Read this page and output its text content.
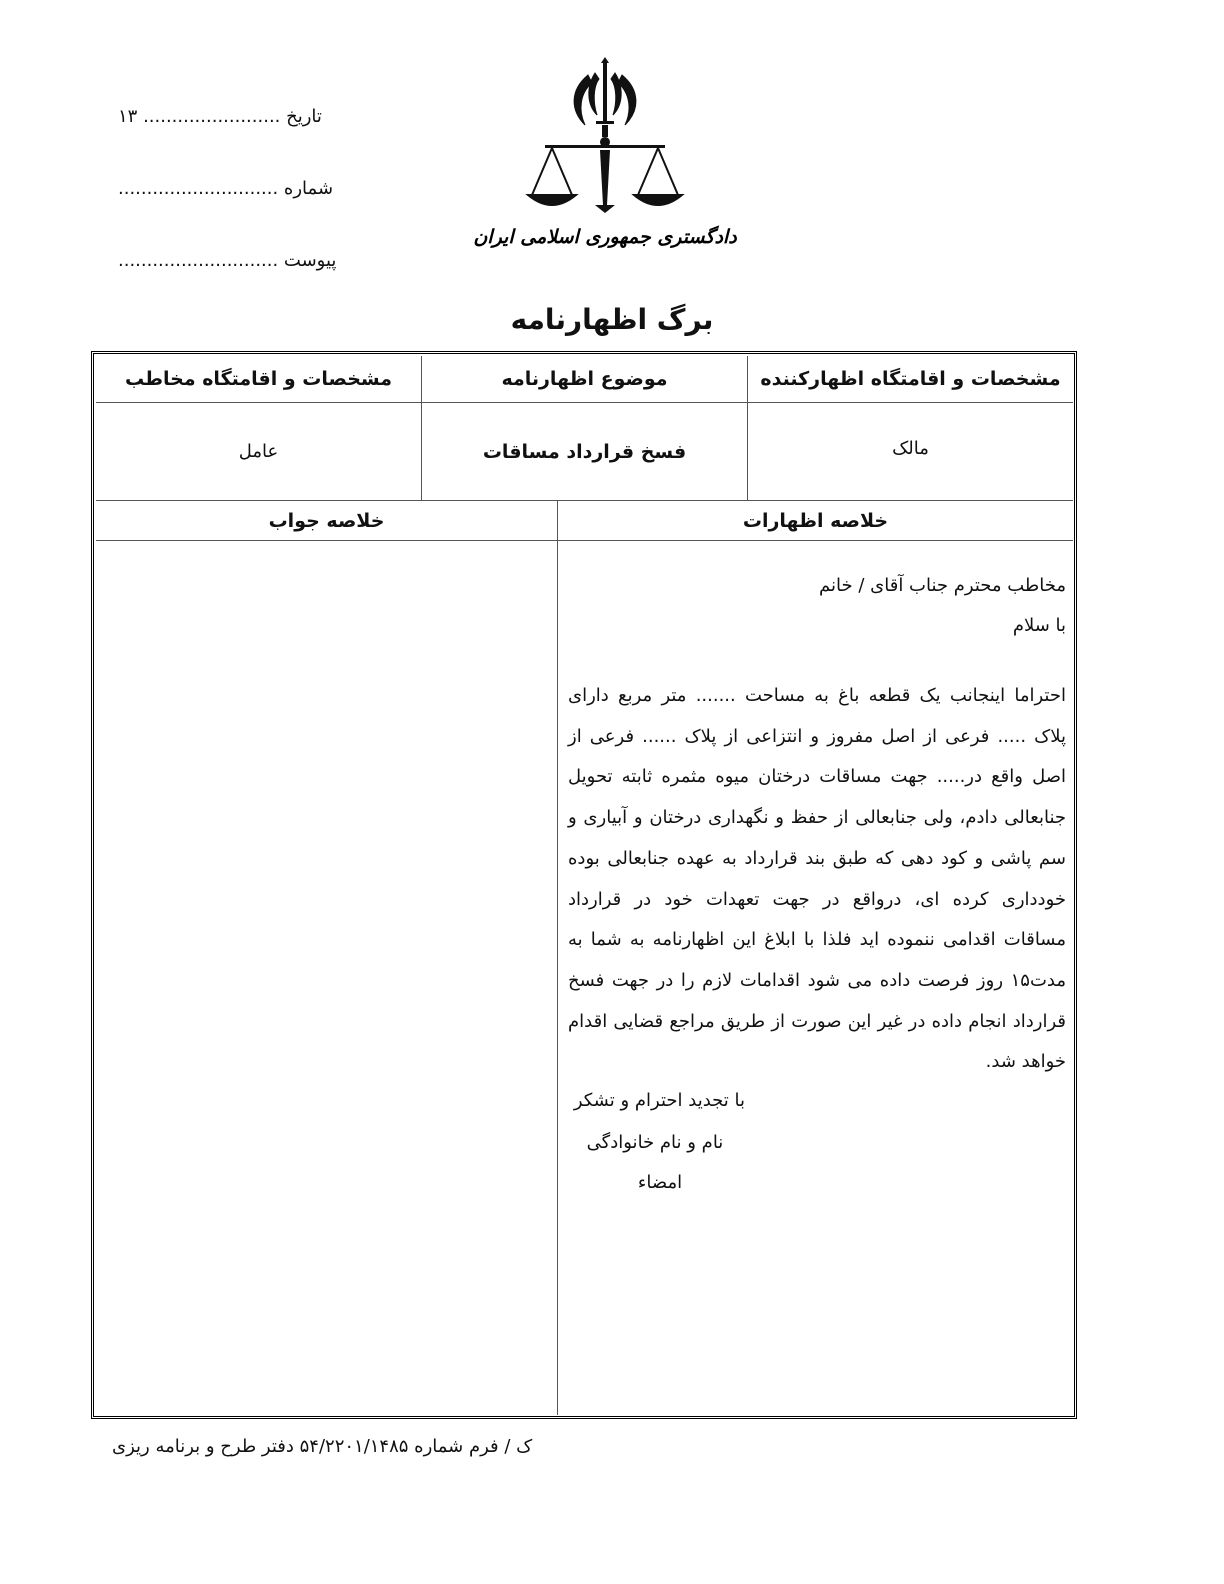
تاریخ ........................ ۱۳
شماره ............................
پیوست ............................
دادگستری جمهوری اسلامی ایران
برگ اظهارنامه
مشخصات و اقامتگاه اظهارکننده
موضوع اظهارنامه
مشخصات و اقامتگاه مخاطب
مالک
فسخ قرارداد مساقات
عامل
خلاصه اظهارات
خلاصه جواب
مخاطب محترم جناب آقای / خانم
با سلام
احتراما اینجانب یک قطعه باغ به مساحت ....... متر مربع دارای پلاک ..... فرعی از اصل مفروز و انتزاعی از پلاک ...... فرعی از اصل واقع در..... جهت مساقات درختان میوه مثمره ثابته تحویل جنابعالی دادم، ولی جنابعالی از حفظ و نگهداری درختان و آبیاری و سم پاشی و کود دهی که طبق بند قرارداد به عهده جنابعالی بوده خودداری کرده ای، درواقع در جهت تعهدات خود در قرارداد مساقات اقدامی ننموده اید فلذا با ابلاغ این اظهارنامه به شما به مدت۱۵ روز فرصت داده می شود اقدامات لازم را در جهت فسخ قرارداد انجام داده در غیر این صورت از طریق مراجع قضایی اقدام خواهد شد.
با تجدید احترام و تشکر
نام و نام خانوادگی
امضاء
ک / فرم شماره ۵۴/۲۲۰۱/۱۴۸۵ دفتر طرح و برنامه ریزی
